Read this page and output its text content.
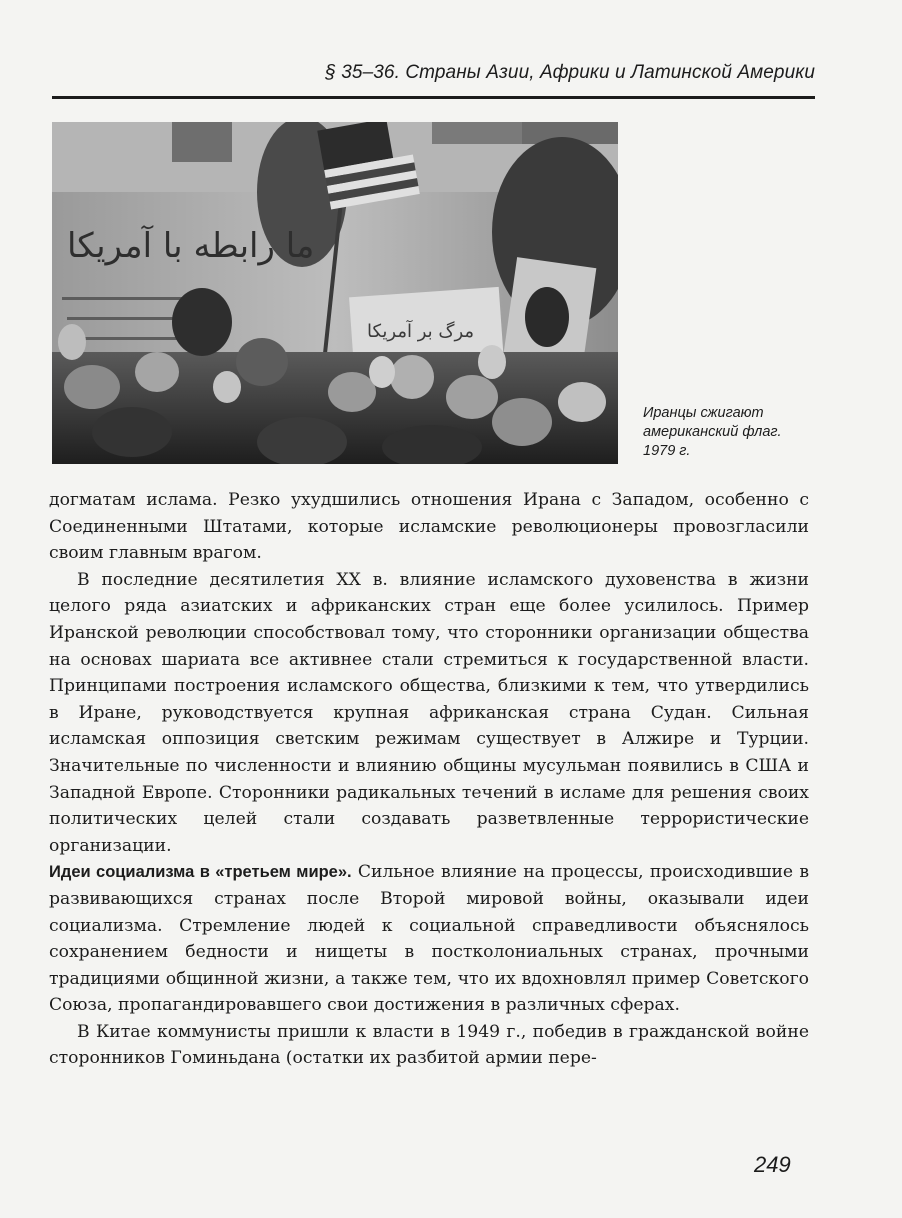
§ 35–36. Страны Азии, Африки и Латинской Америки
ما رابطه با آمریکا
مرگ بر آمریکا
Иранцы сжигают американский флаг. 1979 г.

догматам ислама. Резко ухудшились отношения Ирана с Западом, особенно с Соединенными Штатами, которые исламские революционеры провозгласили своим главным врагом.

В последние десятилетия XX в. влияние исламского духовенства в жизни целого ряда азиатских и африканских стран еще более усилилось. Пример Иранской революции способствовал тому, что сторонники организации общества на основах шариата все активнее стали стремиться к государственной власти. Принципами построения исламского общества, близкими к тем, что утвердились в Иране, руководствуется крупная африканская страна Судан. Сильная исламская оппозиция светским режимам существует в Алжире и Турции. Значительные по численности и влиянию общины мусульман появились в США и Западной Европе. Сторонники радикальных течений в исламе для решения своих политических целей стали создавать разветвленные террористические организации.

Идеи социализма в «третьем мире». Сильное влияние на процессы, происходившие в развивающихся странах после Второй мировой войны, оказывали идеи социализма. Стремление людей к социальной справедливости объяснялось сохранением бедности и нищеты в постколониальных странах, прочными традициями общинной жизни, а также тем, что их вдохновлял пример Советского Союза, пропагандировавшего свои достижения в различных сферах.

В Китае коммунисты пришли к власти в 1949 г., победив в гражданской войне сторонников Гоминьдана (остатки их разбитой армии пере-

249
